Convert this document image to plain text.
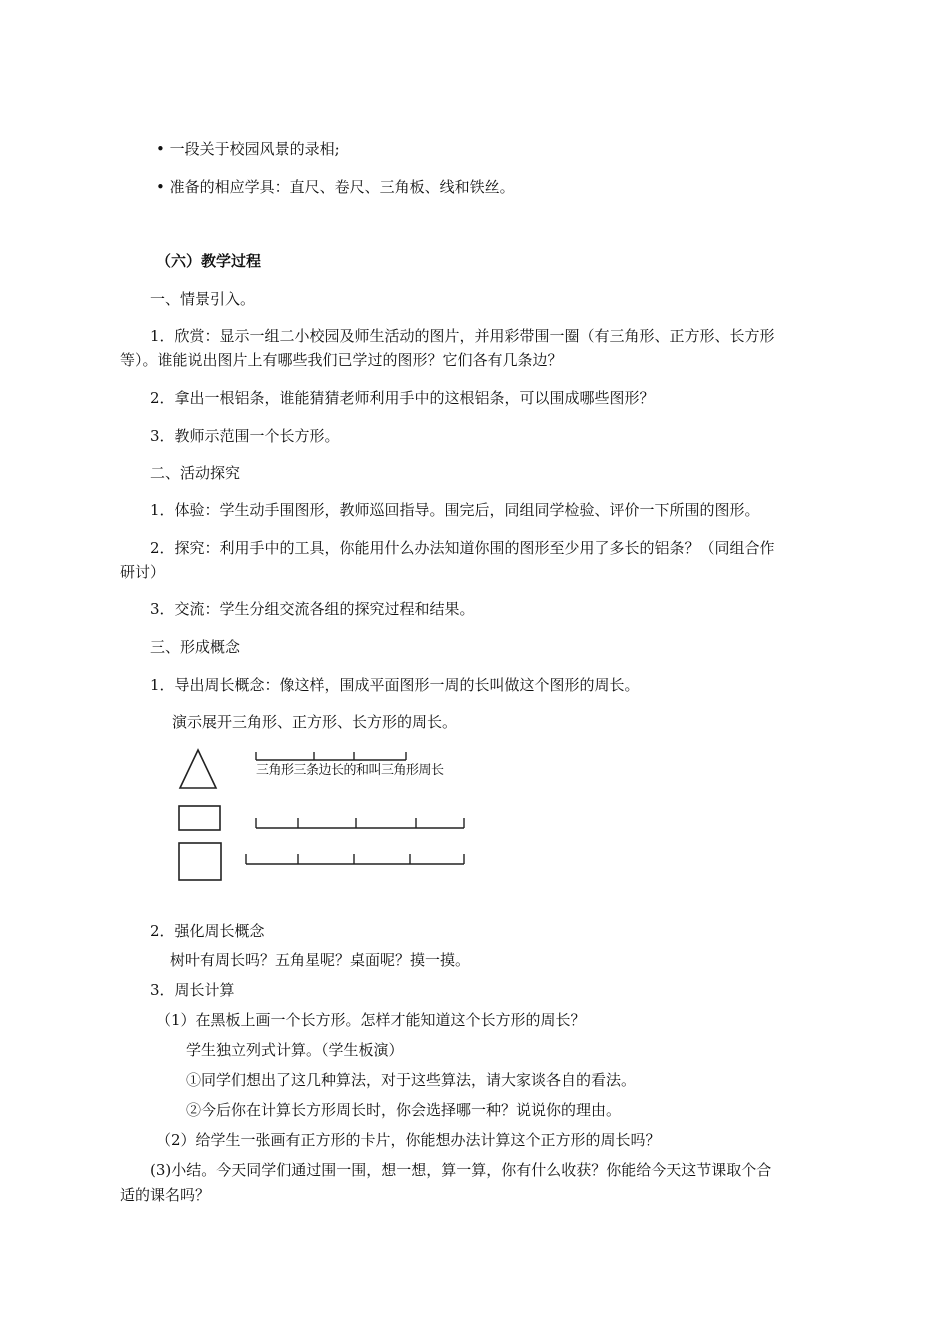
• 一段关于校园风景的录相;
• 准备的相应学具：直尺、卷尺、三角板、线和铁丝。
（六）教学过程
一、情景引入。
1．欣赏：显示一组二小校园及师生活动的图片，并用彩带围一圈（有三角形、正方形、长方形
等）。谁能说出图片上有哪些我们已学过的图形？它们各有几条边？
2．拿出一根铝条，谁能猜猜老师利用手中的这根铝条，可以围成哪些图形？
3．教师示范围一个长方形。
二、活动探究
1．体验：学生动手围图形，教师巡回指导。围完后，同组同学检验、评价一下所围的图形。
2．探究：利用手中的工具，你能用什么办法知道你围的图形至少用了多长的铝条？（同组合作
研讨）
3．交流：学生分组交流各组的探究过程和结果。
三、形成概念
1．导出周长概念：像这样，围成平面图形一周的长叫做这个图形的周长。
演示展开三角形、正方形、长方形的周长。
三角形三条边长的和叫三角形周长
2．强化周长概念
树叶有周长吗？五角星呢？桌面呢？摸一摸。
3．周长计算
（1）在黑板上画一个长方形。怎样才能知道这个长方形的周长？
学生独立列式计算。（学生板演）
①同学们想出了这几种算法，对于这些算法，请大家谈各自的看法。
②今后你在计算长方形周长时，你会选择哪一种？说说你的理由。
（2）给学生一张画有正方形的卡片，你能想办法计算这个正方形的周长吗？
(3)小结。今天同学们通过围一围，想一想，算一算，你有什么收获？你能给今天这节课取个合
适的课名吗？
